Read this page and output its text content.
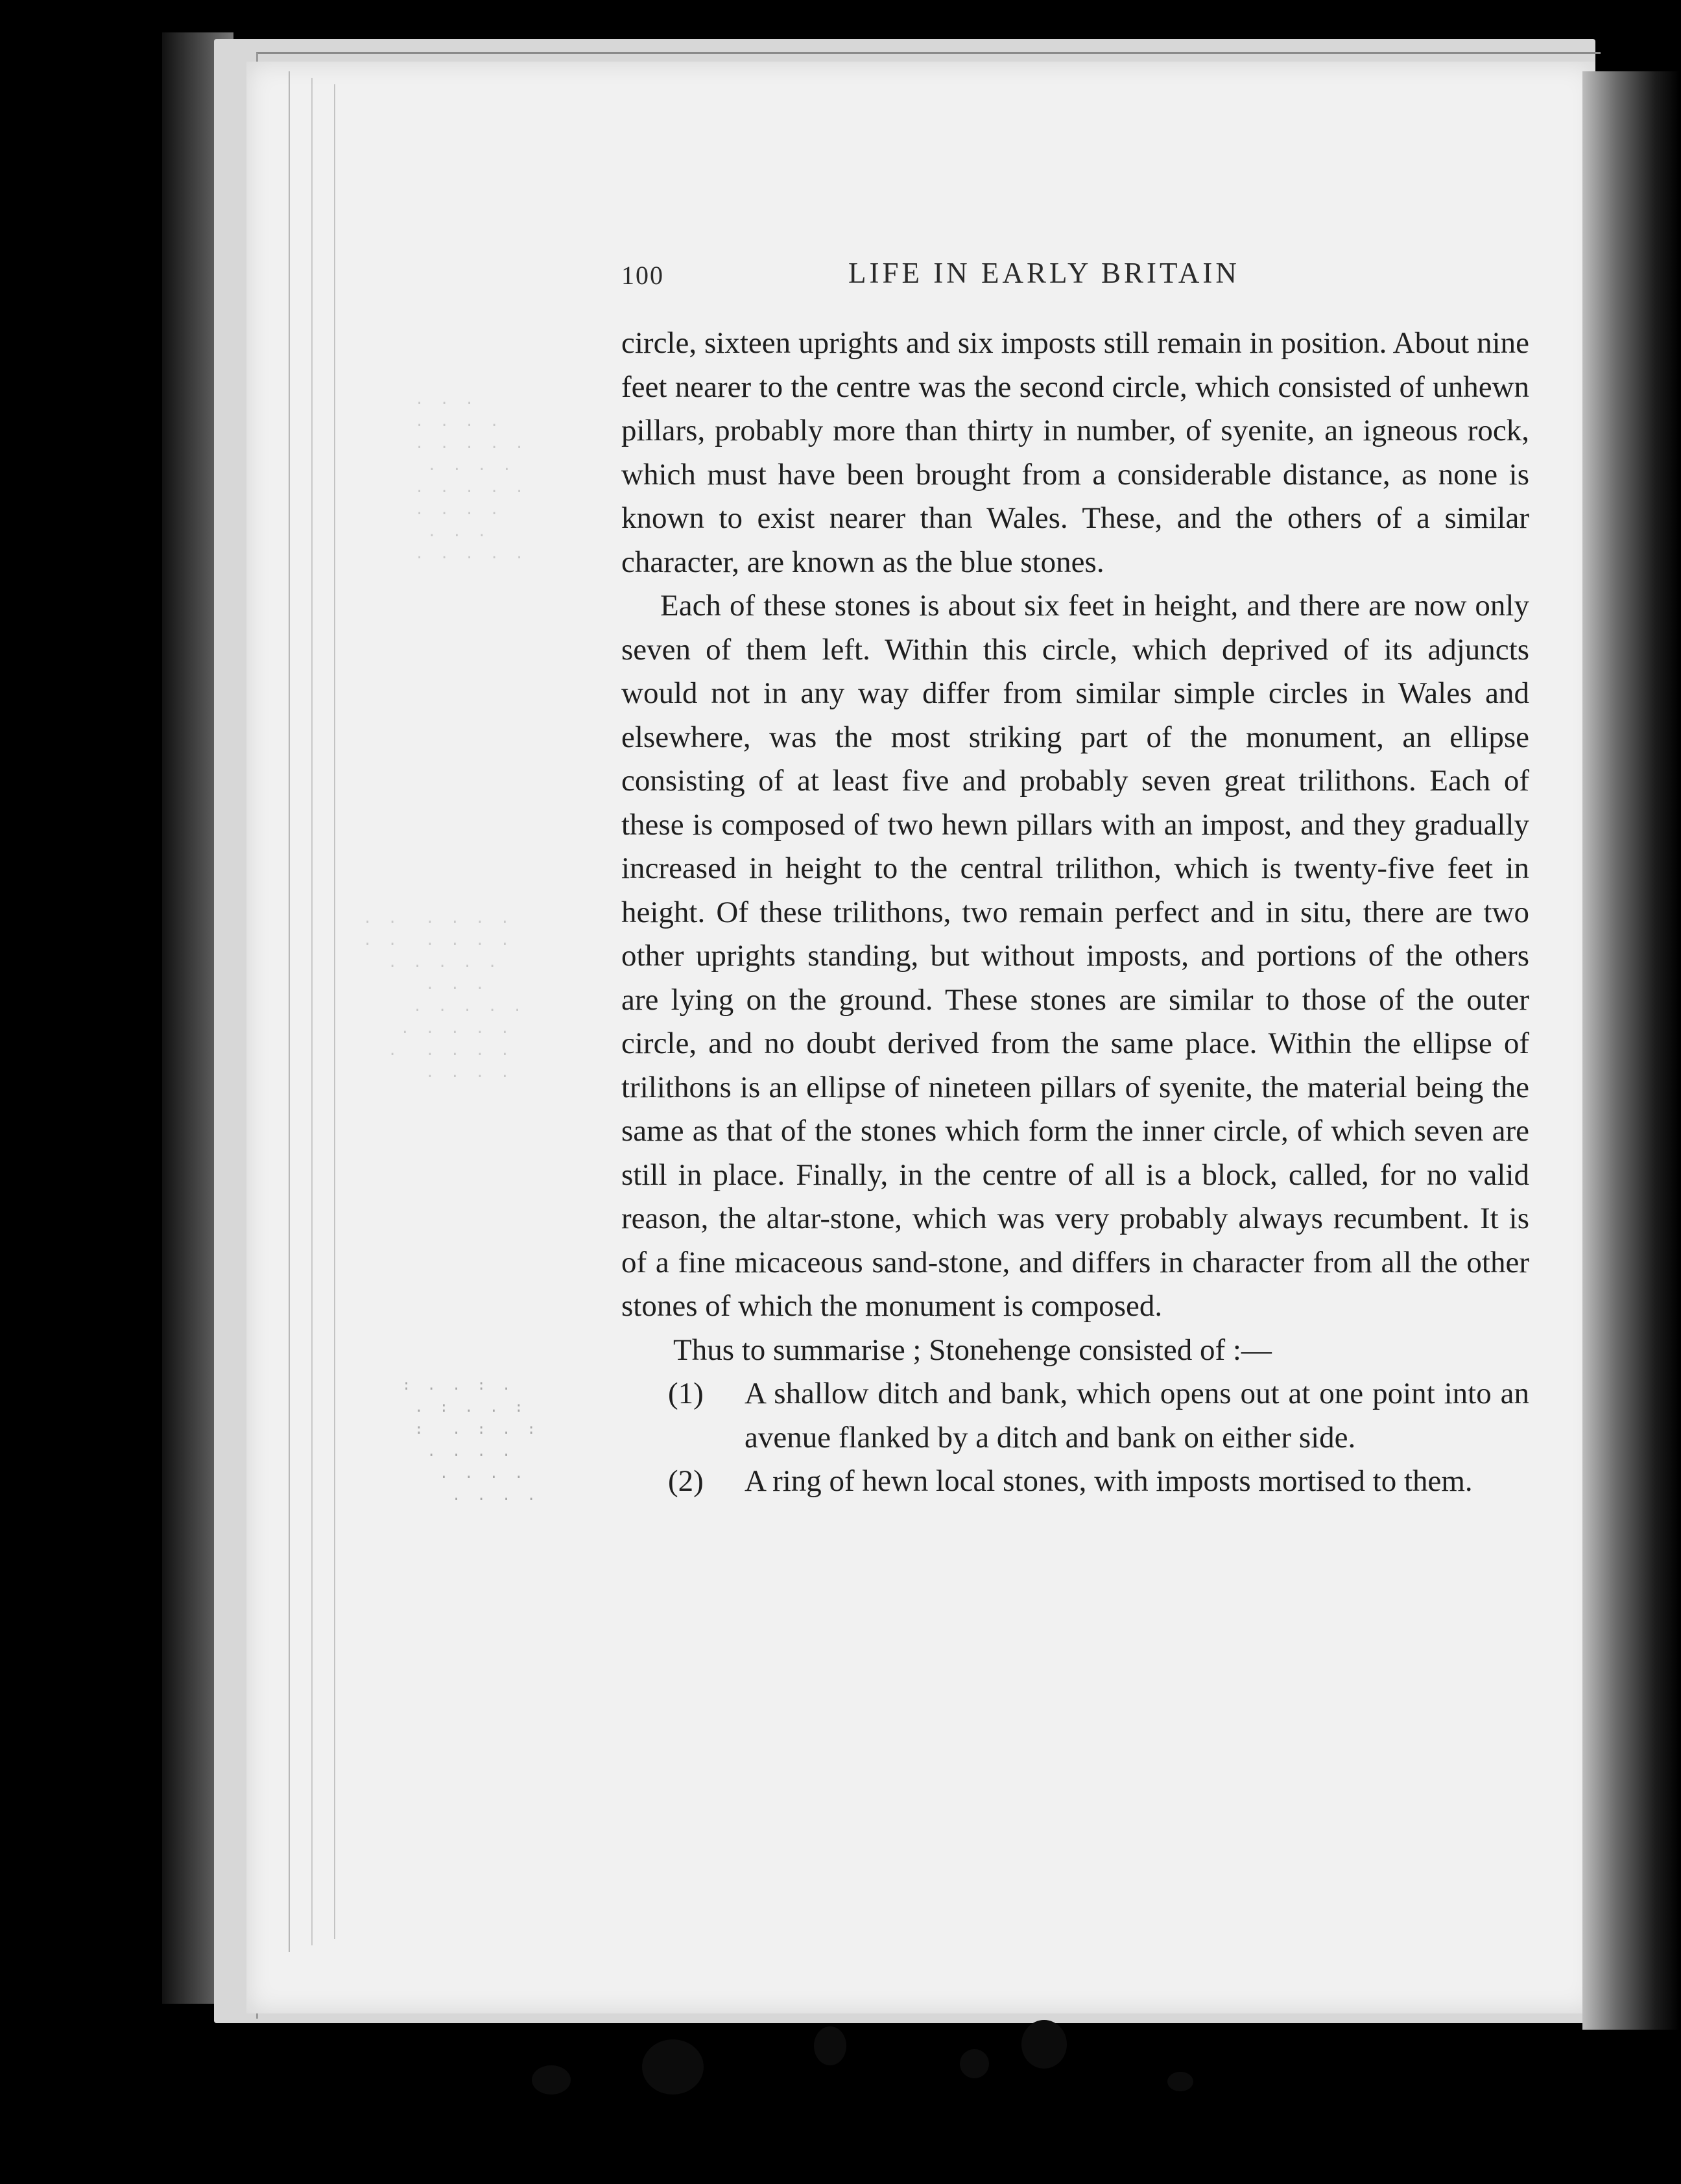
. . .
. . . .
. . . . .
. . . .
. . . . .
. . . .
. . .
. . . . .
. .  . . . .
. .  . . . .
. . . . .
. . .
. . . . .
. . . . .
.  . . . .
. . . .
: . . : .
. : . . :
:  . : . :
. . . .
. . . .
. . . .
100	LIFE IN EARLY BRITAIN

circle, sixteen uprights and six imposts still remain in position. About nine feet nearer to the centre was the second circle, which consisted of unhewn pillars, probably more than thirty in number, of syenite, an igneous rock, which must have been brought from a considerable distance, as none is known to exist nearer than Wales. These, and the others of a similar character, are known as the blue stones.

Each of these stones is about six feet in height, and there are now only seven of them left. Within this circle, which deprived of its adjuncts would not in any way differ from similar simple circles in Wales and elsewhere, was the most striking part of the monument, an ellipse consisting of at least five and probably seven great trilithons. Each of these is composed of two hewn pillars with an impost, and they gradually increased in height to the central trilithon, which is twenty-five feet in height. Of these trilithons, two remain perfect and in situ, there are two other uprights standing, but without imposts, and portions of the others are lying on the ground. These stones are similar to those of the outer circle, and no doubt derived from the same place. Within the ellipse of trilithons is an ellipse of nineteen pillars of syenite, the material being the same as that of the stones which form the inner circle, of which seven are still in place. Finally, in the centre of all is a block, called, for no valid reason, the altar-stone, which was very probably always recumbent. It is of a fine micaceous sand-stone, and differs in character from all the other stones of which the monument is composed.

Thus to summarise ; Stonehenge consisted of :—

(1)	A shallow ditch and bank, which opens out at one point into an avenue flanked by a ditch and bank on either side.
(2)	A ring of hewn local stones, with imposts mortised to them.
